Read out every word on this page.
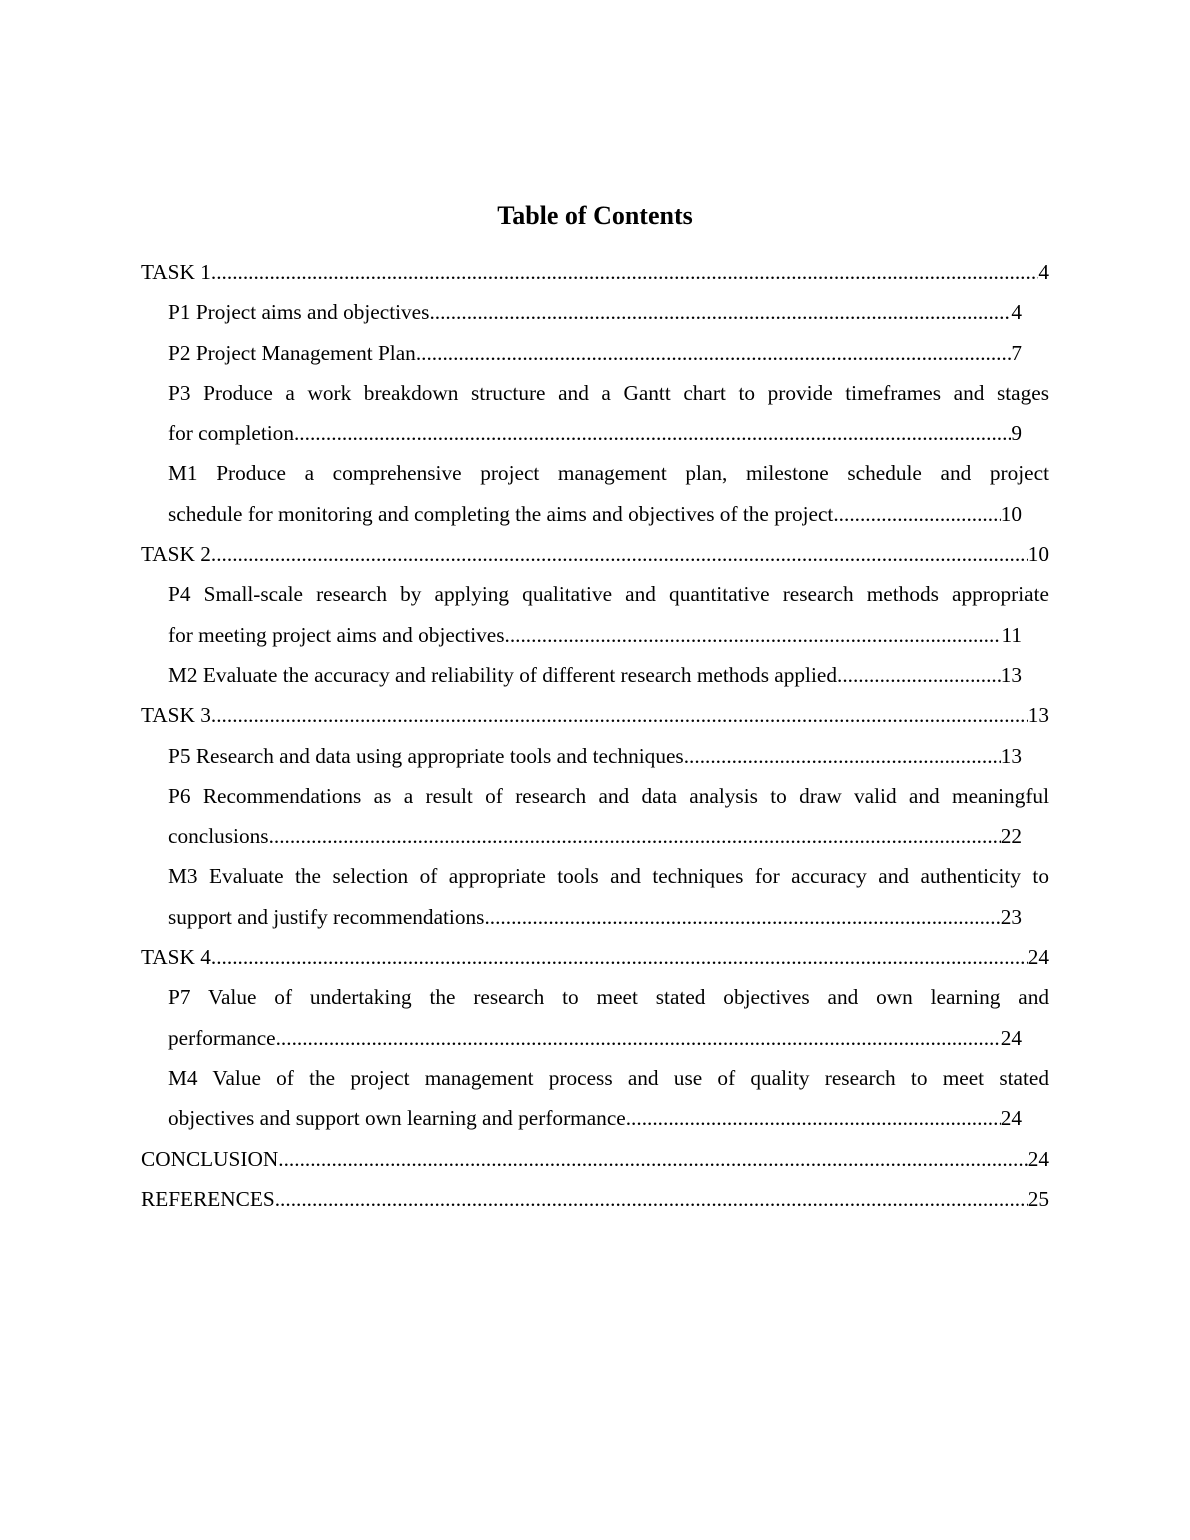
Table of Contents
TASK 1 .....	4
P1 Project aims and objectives .....	4
P2 Project Management Plan .....	7
P3 Produce a work breakdown structure and a Gantt chart to provide timeframes and stages
for completion .....	9
M1 Produce a comprehensive project management plan, milestone schedule and project
schedule for monitoring and completing the aims and objectives of the project .....	10
TASK 2 .....	10
P4 Small-scale research by applying qualitative and quantitative research methods appropriate
for meeting project aims and objectives .....	11
M2 Evaluate the accuracy and reliability of different research methods applied .....	13
TASK 3 .....	13
P5 Research and data using appropriate tools and techniques .....	13
P6 Recommendations as a result of research and data analysis to draw valid and meaningful
conclusions .....	22
M3 Evaluate the selection of appropriate tools and techniques for accuracy and authenticity to
support and justify recommendations .....	23
TASK 4 .....	24
P7 Value of undertaking the research to meet stated objectives and own learning and
performance .....	24
M4 Value of the project management process and use of quality research to meet stated
objectives and support own learning and performance .....	24
CONCLUSION .....	24
REFERENCES .....	25
